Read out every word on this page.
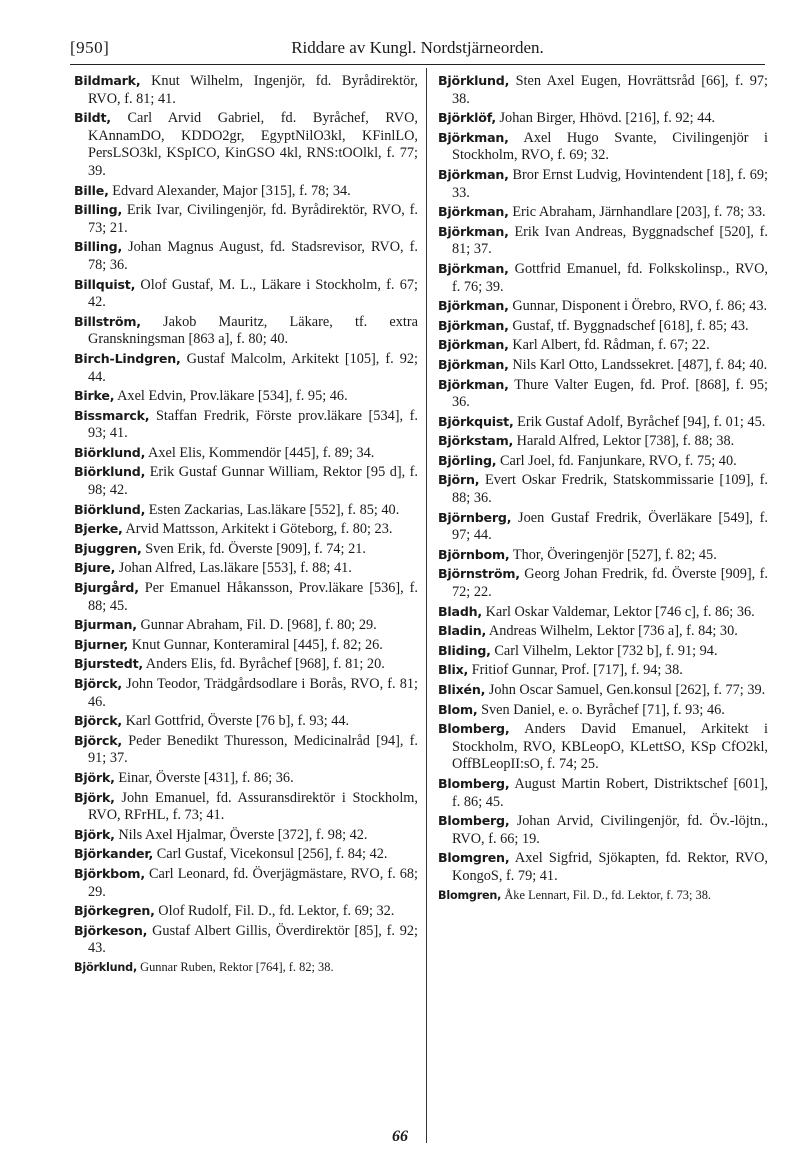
Riddare av Kungl. Nordstjärneorden.
[950]

Bildmark, Knut Wilhelm, Ingenjör, fd. Byrådirektör, RVO, f. 81; 41.

Bildt, Carl Arvid Gabriel, fd. Byråchef, RVO, KAnnamDO, KDDO2gr, EgyptNilO3kl, KFinlLO, PersLSO3kl, KSpICO, KinGSO 4kl, RNS:tOOlkl, f. 77; 39.

Bille, Edvard Alexander, Major [315], f. 78; 34.

Billing, Erik Ivar, Civilingenjör, fd. Byrådirektör, RVO, f. 73; 21.

Billing, Johan Magnus August, fd. Stadsrevisor, RVO, f. 78; 36.

Billquist, Olof Gustaf, M. L., Läkare i Stockholm, f. 67; 42.

Billström, Jakob Mauritz, Läkare, tf. extra Granskningsman [863 a], f. 80; 40.

Birch-Lindgren, Gustaf Malcolm, Arkitekt [105], f. 92; 44.

Birke, Axel Edvin, Prov.läkare [534], f. 95; 46.

Bissmarck, Staffan Fredrik, Förste prov.läkare [534], f. 93; 41.

Biörklund, Axel Elis, Kommendör [445], f. 89; 34.

Biörklund, Erik Gustaf Gunnar William, Rektor [95 d], f. 98; 42.

Biörklund, Esten Zackarias, Las.läkare [552], f. 85; 40.

Bjerke, Arvid Mattsson, Arkitekt i Göteborg, f. 80; 23.

Bjuggren, Sven Erik, fd. Överste [909], f. 74; 21.

Bjure, Johan Alfred, Las.läkare [553], f. 88; 41.

Bjurgård, Per Emanuel Håkansson, Prov.läkare [536], f. 88; 45.

Bjurman, Gunnar Abraham, Fil. D. [968], f. 80; 29.

Bjurner, Knut Gunnar, Konteramiral [445], f. 82; 26.

Bjurstedt, Anders Elis, fd. Byråchef [968], f. 81; 20.

Björck, John Teodor, Trädgårdsodlare i Borås, RVO, f. 81; 46.

Björck, Karl Gottfrid, Överste [76 b], f. 93; 44.

Björck, Peder Benedikt Thuresson, Medicinalråd [94], f. 91; 37.

Björk, Einar, Överste [431], f. 86; 36.

Björk, John Emanuel, fd. Assuransdirektör i Stockholm, RVO, RFrHL, f. 73; 41.

Björk, Nils Axel Hjalmar, Överste [372], f. 98; 42.

Björkander, Carl Gustaf, Vicekonsul [256], f. 84; 42.

Björkbom, Carl Leonard, fd. Överjägmästare, RVO, f. 68; 29.

Björkegren, Olof Rudolf, Fil. D., fd. Lektor, f. 69; 32.

Björkeson, Gustaf Albert Gillis, Överdirektör [85], f. 92; 43.

Björklund, Gunnar Ruben, Rektor [764], f. 82; 38.

Björklund, Sten Axel Eugen, Hovrättsråd [66], f. 97; 38.

Björklöf, Johan Birger, Hhövd. [216], f. 92; 44.

Björkman, Axel Hugo Svante, Civilingenjör i Stockholm, RVO, f. 69; 32.

Björkman, Bror Ernst Ludvig, Hovintendent [18], f. 69; 33.

Björkman, Eric Abraham, Järnhandlare [203], f. 78; 33.

Björkman, Erik Ivan Andreas, Byggnadschef [520], f. 81; 37.

Björkman, Gottfrid Emanuel, fd. Folkskolinsp., RVO, f. 76; 39.

Björkman, Gunnar, Disponent i Örebro, RVO, f. 86; 43.

Björkman, Gustaf, tf. Byggnadschef [618], f. 85; 43.

Björkman, Karl Albert, fd. Rådman, f. 67; 22.

Björkman, Nils Karl Otto, Landssekret. [487], f. 84; 40.

Björkman, Thure Valter Eugen, fd. Prof. [868], f. 95; 36.

Björkquist, Erik Gustaf Adolf, Byråchef [94], f. 01; 45.

Björkstam, Harald Alfred, Lektor [738], f. 88; 38.

Björling, Carl Joel, fd. Fanjunkare, RVO, f. 75; 40.

Björn, Evert Oskar Fredrik, Statskommissarie [109], f. 88; 36.

Björnberg, Joen Gustaf Fredrik, Överläkare [549], f. 97; 44.

Björnbom, Thor, Överingenjör [527], f. 82; 45.

Björnström, Georg Johan Fredrik, fd. Överste [909], f. 72; 22.

Bladh, Karl Oskar Valdemar, Lektor [746 c], f. 86; 36.

Bladin, Andreas Wilhelm, Lektor [736 a], f. 84; 30.

Bliding, Carl Vilhelm, Lektor [732 b], f. 91; 94.

Blix, Fritiof Gunnar, Prof. [717], f. 94; 38.

Blixén, John Oscar Samuel, Gen.konsul [262], f. 77; 39.

Blom, Sven Daniel, e. o. Byråchef [71], f. 93; 46.

Blomberg, Anders David Emanuel, Arkitekt i Stockholm, RVO, KBLeopO, KLettSO, KSp CfO2kl, OffBLeopII:sO, f. 74; 25.

Blomberg, August Martin Robert, Distriktschef [601], f. 86; 45.

Blomberg, Johan Arvid, Civilingenjör, fd. Öv.-löjtn., RVO, f. 66; 19.

Blomgren, Axel Sigfrid, Sjökapten, fd. Rektor, RVO, KongoS, f. 79; 41.

Blomgren, Åke Lennart, Fil. D., fd. Lektor, f. 73; 38.

66
